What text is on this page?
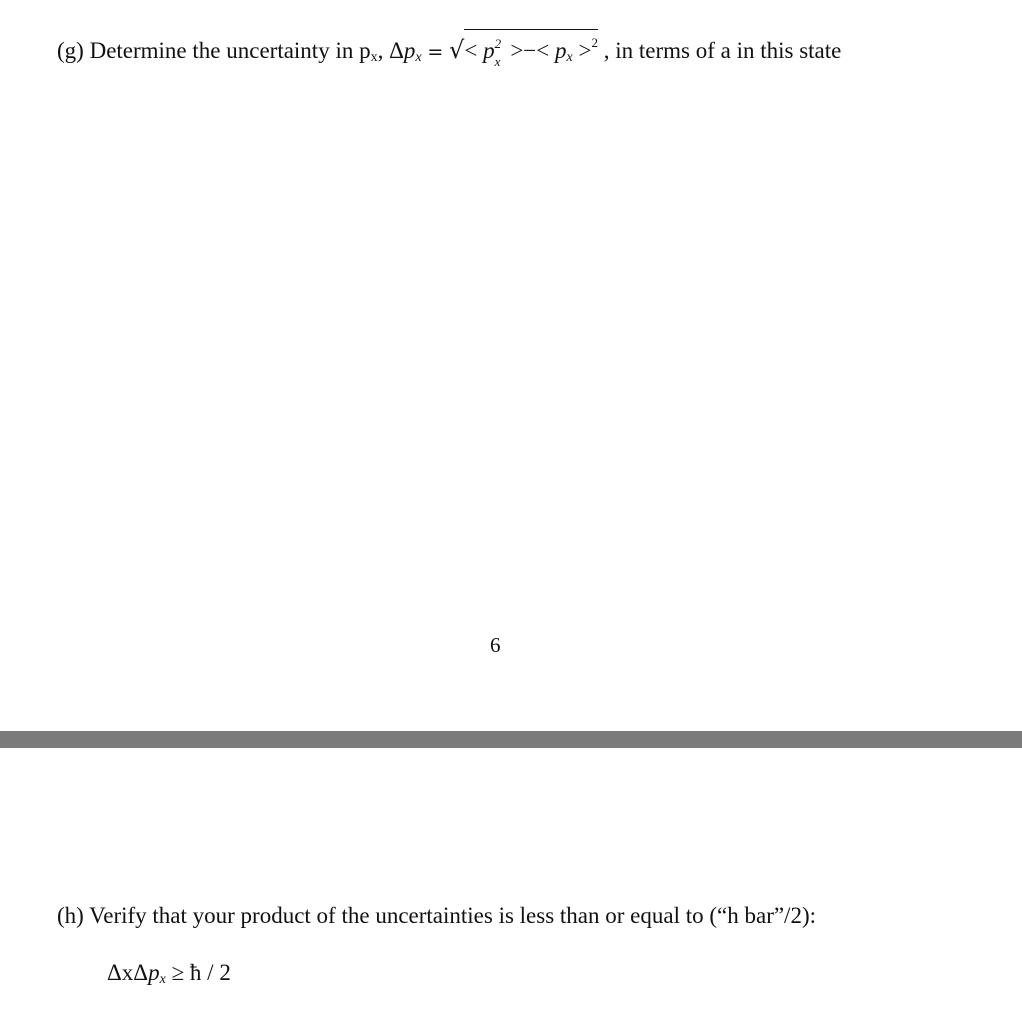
(g) Determine the uncertainty in $p_x$, $\Delta p_x$ = √< p 2
x >−< $p_x >^2$ , in terms of a in this state
6
(h) Verify that your product of the uncertainties is less than or equal to (“h bar”/2):
ΔxΔp$_x$ ≥ ħ / 2
